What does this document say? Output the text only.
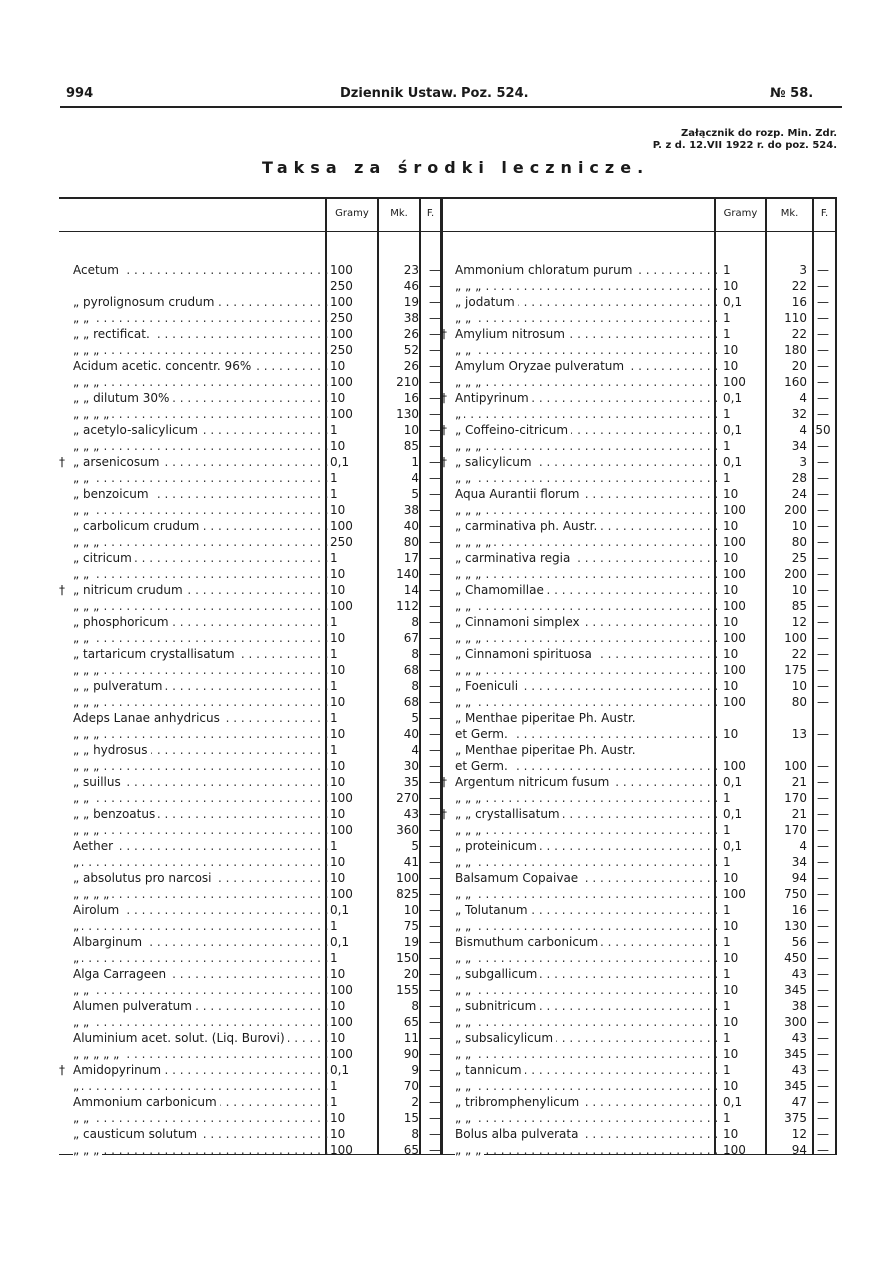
994	Dziennik Ustaw. Poz. 524.	№ 58.
Załącznik do rozp. Min. Zdr.
P. z d. 12.VII 1922 r. do poz. 524.
Taksa za środki lecznicze.
Gramy	Mk.	F.	Gramy	Mk.	F.
Acetum . . .	100	23 —
250	46 —
„ pyrolignosum crudum . . .	100	19 —
„ „ . . .	250	38 —
„ „ rectificat. . . .	100	26 —
„ „ „ . . .	250	52 —
Acidum acetic. concentr. 96% . . .	10	26 —
„ „ „ . . .	100	210 —
„ „ dilutum 30% . . .	10	16 —
„ „ „ „ . . .	100	130 —
„ acetylo-salicylicum . . .	1	10 —
„ „ „ . . .	10	85 —
† „ arsenicosum . . .	0,1	1 —
„ „ . . .	1	4 —
„ benzoicum . . .	1	5 —
„ „ . . .	10	38 —
„ carbolicum crudum . . .	100	40 —
„ „ „ . . .	250	80 —
„ citricum . . .	1	17 —
„ „ . . .	10	140 —
† „ nitricum crudum . . .	10	14 —
„ „ „ . . .	100	112 —
„ phosphoricum . . .	1	8 —
„ „ . . .	10	67 —
„ tartaricum crystallisatum . . .	1	8 —
„ „ „ . . .	10	68 —
„ „ pulveratum . . .	1	8 —
„ „ „ . . .	10	68 —
Adeps Lanae anhydricus . . .	1	5 —
„ „ „ . . .	10	40 —
„ „ hydrosus . . .	1	4 —
„ „ „ . . .	10	30 —
„ suillus . . .	10	35 —
„ „ . . .	100	270 —
„ „ benzoatus . . .	10	43 —
„ „ „ . . .	100	360 —
Aether . . .	1	5 —
„ . . .	10	41 —
„ absolutus pro narcosi . . .	10	100 —
„ „ „ „ . . .	100	825 —
Airolum . . .	0,1	10 —
„ . . .	1	75 —
Albarginum . . .	0,1	19 —
„ . . .	1	150 —
Alga Carrageen . . .	10	20 —
„ „ . . .	100	155 —
Alumen pulveratum . . .	10	8 —
„ „ . . .	100	65 —
Aluminium acet. solut. (Liq. Burovi) . . .	10	11 —
„ „ „ „ „ . . .	100	90 —
† Amidopyrinum . . .	0,1	9 —
„ . . .	1	70 —
Ammonium carbonicum . . .	1	2 —
„ „ . . .	10	15 —
„ causticum solutum . . .	10	8 —
„ „ „ . . .	100	65 —
Ammonium chloratum purum . . .	1	3 —
„ „ „ . . .	10	22 —
„ jodatum . . .	0,1	16 —
„ „ . . .	1	110 —
† Amylium nitrosum . . .	1	22 —
„ „ . . .	10	180 —
Amylum Oryzae pulveratum . . .	10	20 —
„ „ „ . . .	100	160 —
† Antipyrinum . . .	0,1	4 —
„ . . .	1	32 —
† „ Coffeino-citricum . . .	0,1	4 50
„ „ „ . . .	1	34 —
† „ salicylicum . . .	0,1	3 —
„ „ . . .	1	28 —
Aqua Aurantii florum . . .	10	24 —
„ „ „ . . .	100	200 —
„ carminativa ph. Austr. . . .	10	10 —
„ „ „ „ . . .	100	80 —
„ carminativa regia . . .	10	25 —
„ „ „ . . .	100	200 —
„ Chamomillae . . .	10	10 —
„ „ . . .	100	85 —
„ Cinnamoni simplex . . .	10	12 —
„ „ „ . . .	100	100 —
„ Cinnamoni spirituosa . . .	10	22 —
„ „ „ . . .	100	175 —
„ Foeniculi . . .	10	10 —
„ „ . . .	100	80 —
„ Menthae piperitae Ph. Austr.
et Germ. . . .	10	13 —
„ Menthae piperitae Ph. Austr.
et Germ. . . .	100	100 —
† Argentum nitricum fusum . . .	0,1	21 —
„ „ „ . . .	1	170 —
† „ „ crystallisatum . . .	0,1	21 —
„ „ „ . . .	1	170 —
„ proteinicum . . .	0,1	4 —
„ „ . . .	1	34 —
Balsamum Copaivae . . .	10	94 —
„ „ . . .	100	750 —
„ Tolutanum . . .	1	16 —
„ „ . . .	10	130 —
Bismuthum carbonicum . . .	1	56 —
„ „ . . .	10	450 —
„ subgallicum . . .	1	43 —
„ „ . . .	10	345 —
„ subnitricum . . .	1	38 —
„ „ . . .	10	300 —
„ subsalicylicum . . .	1	43 —
„ „ . . .	10	345 —
„ tannicum . . .	1	43 —
„ „ . . .	10	345 —
„ tribromphenylicum . . .	0,1	47 —
„ „ . . .	1	375 —
Bolus alba pulverata . . .	10	12 —
„ „ „ . . .	100	94 —
